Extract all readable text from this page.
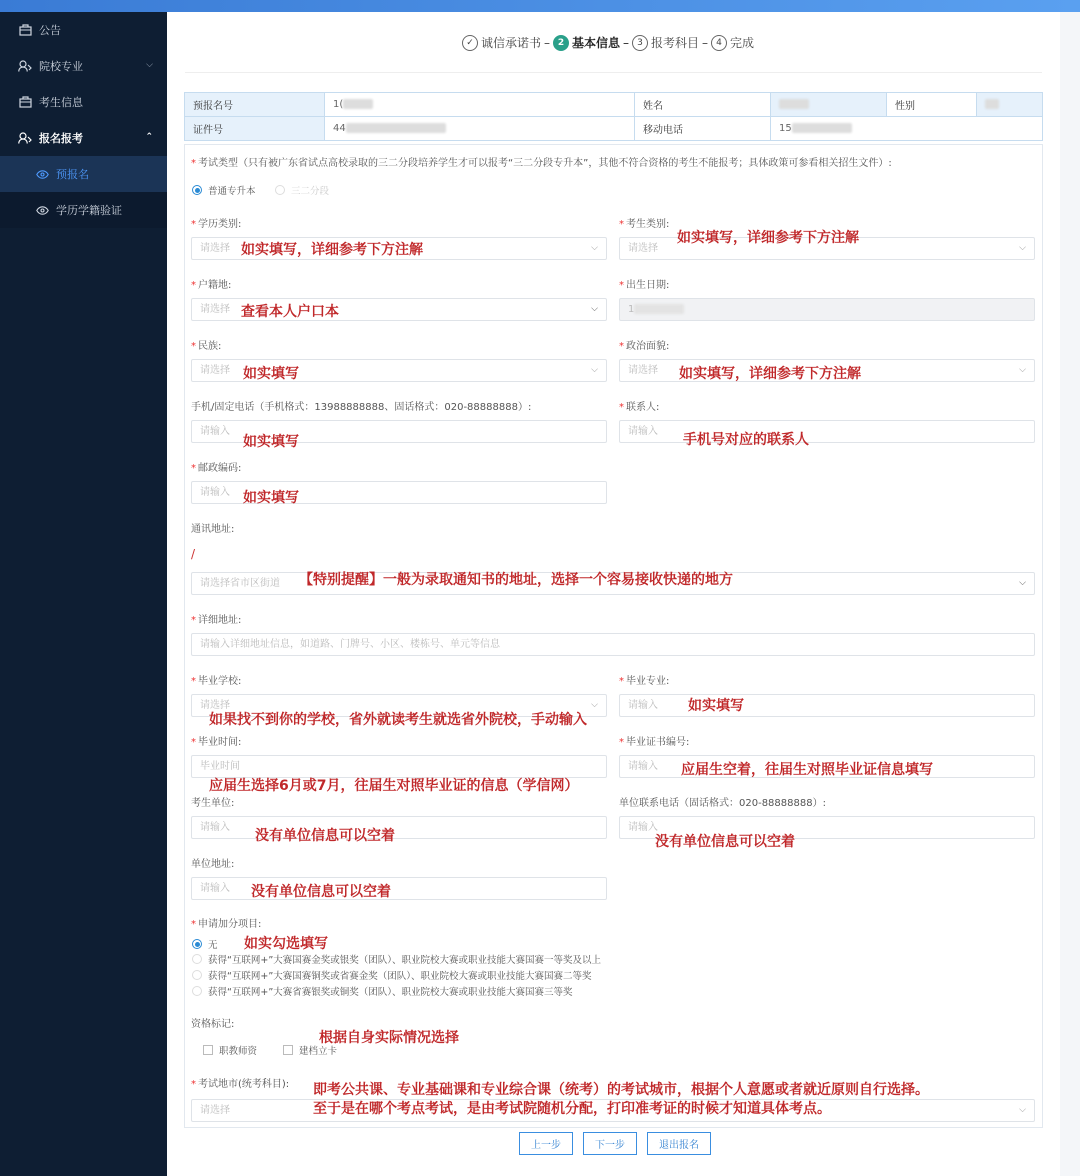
公告
院校专业	⌵
考生信息
报名报考	⌃
预报名
学历学籍验证
✓ 诚信承诺书 – 2 基本信息 – 3 报考科目 – 4 完成
预报名号	1(	姓名		性别	
证件号	44	移动电话	15		
* 考试类型（只有被广东省试点高校录取的三二分段培养学生才可以报考“三二分段专升本”，其他不符合资格的考生不能报考；具体政策可参看相关招生文件）:
普通专升本	三二分段
* 学历类别:	* 考生类别:
请选择	⌵	请选择	⌵
如实填写，详细参考下方注解
如实填写，详细参考下方注解
* 户籍地:	* 出生日期:
请选择	⌵	1
查看本人户口本
* 民族:	* 政治面貌:
请选择	⌵	请选择	⌵
如实填写	如实填写，详细参考下方注解
手机/固定电话（手机格式：13988888888、固话格式：020-88888888）:	* 联系人:
请输入	请输入
如实填写	手机号对应的联系人
* 邮政编码:
请输入 如实填写
通讯地址:
/
请选择省市区街道	⌵
【特别提醒】一般为录取通知书的地址，选择一个容易接收快递的地方
* 详细地址:
请输入详细地址信息，如道路、门牌号、小区、楼栋号、单元等信息
* 毕业学校:	* 毕业专业:
请选择	⌵	请输入
如果找不到你的学校，省外就读考生就选省外院校，手动输入
如实填写
* 毕业时间:	* 毕业证书编号:
毕业时间	请输入
应届生选择6月或7月，往届生对照毕业证的信息（学信网）
应届生空着，往届生对照毕业证信息填写
考生单位:	单位联系电话（固话格式：020-88888888）:
请输入	请输入
没有单位信息可以空着	没有单位信息可以空着
单位地址:
请输入	没有单位信息可以空着
* 申请加分项目:
无
获得“互联网+”大赛国赛金奖或银奖（团队）、职业院校大赛或职业技能大赛国赛一等奖及以上
获得“互联网+”大赛国赛铜奖或省赛金奖（团队）、职业院校大赛或职业技能大赛国赛二等奖
获得“互联网+”大赛省赛银奖或铜奖（团队）、职业院校大赛或职业技能大赛国赛三等奖
如实勾选填写
资格标记:
职教师资	建档立卡
根据自身实际情况选择
* 考试地市(统考科目):
请选择	⌵
即考公共课、专业基础课和专业综合课（统考）的考试城市，根据个人意愿或者就近原则自行选择。
至于是在哪个考点考试，是由考试院随机分配，打印准考证的时候才知道具体考点。
上一步	下一步	退出报名
